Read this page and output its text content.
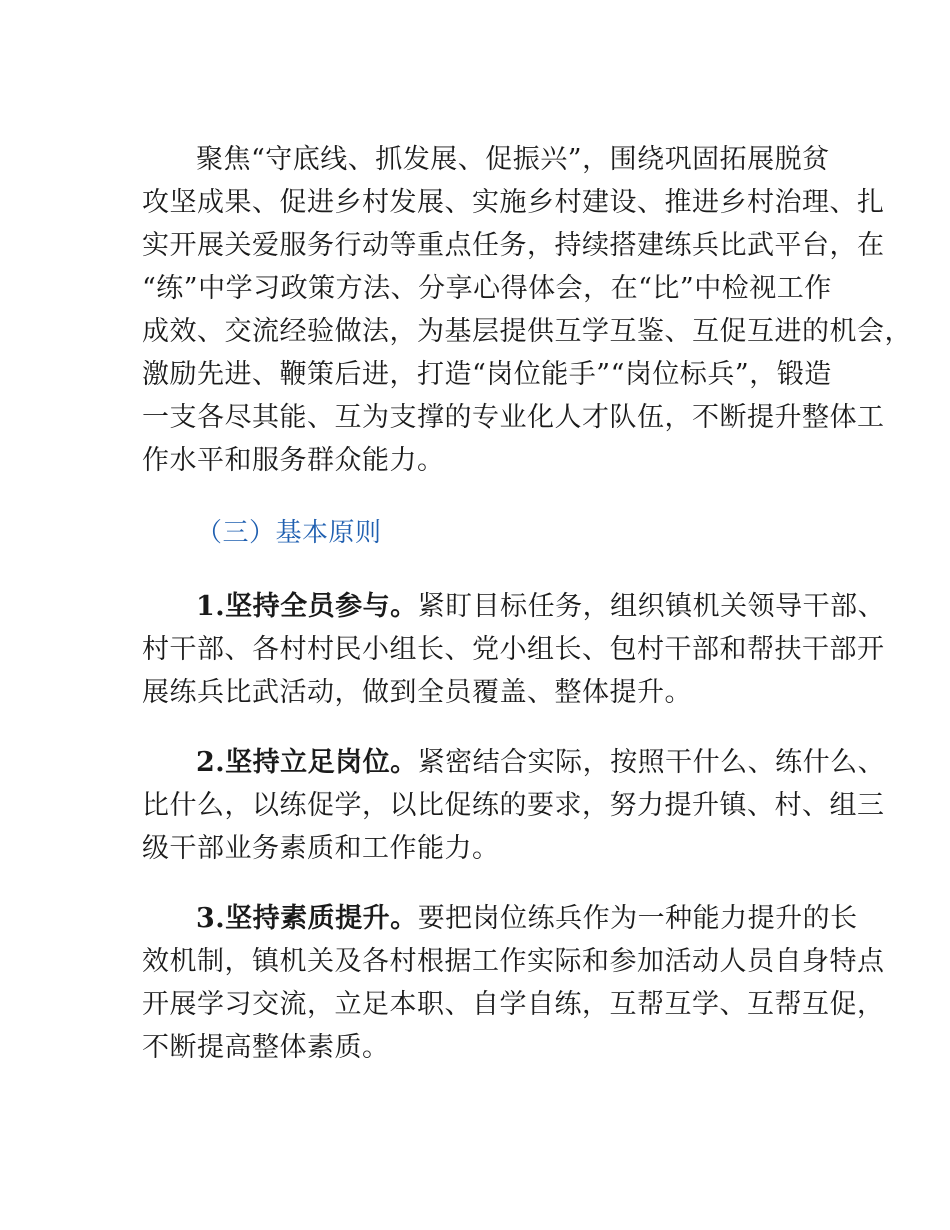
聚焦“守底线、抓发展、促振兴”，围绕巩固拓展脱贫
攻坚成果、促进乡村发展、实施乡村建设、推进乡村治理、扎
实开展关爱服务行动等重点任务，持续搭建练兵比武平台，在
“练”中学习政策方法、分享心得体会，在“比”中检视工作
成效、交流经验做法，为基层提供互学互鉴、互促互进的机会，
激励先进、鞭策后进，打造“岗位能手”“岗位标兵”，锻造
一支各尽其能、互为支撑的专业化人才队伍，不断提升整体工
作水平和服务群众能力。
（三）基本原则
1.坚持全员参与。紧盯目标任务，组织镇机关领导干部、
村干部、各村村民小组长、党小组长、包村干部和帮扶干部开
展练兵比武活动，做到全员覆盖、整体提升。
2.坚持立足岗位。紧密结合实际，按照干什么、练什么、
比什么，以练促学，以比促练的要求，努力提升镇、村、组三
级干部业务素质和工作能力。
3.坚持素质提升。要把岗位练兵作为一种能力提升的长
效机制，镇机关及各村根据工作实际和参加活动人员自身特点
开展学习交流，立足本职、自学自练，互帮互学、互帮互促，
不断提高整体素质。
